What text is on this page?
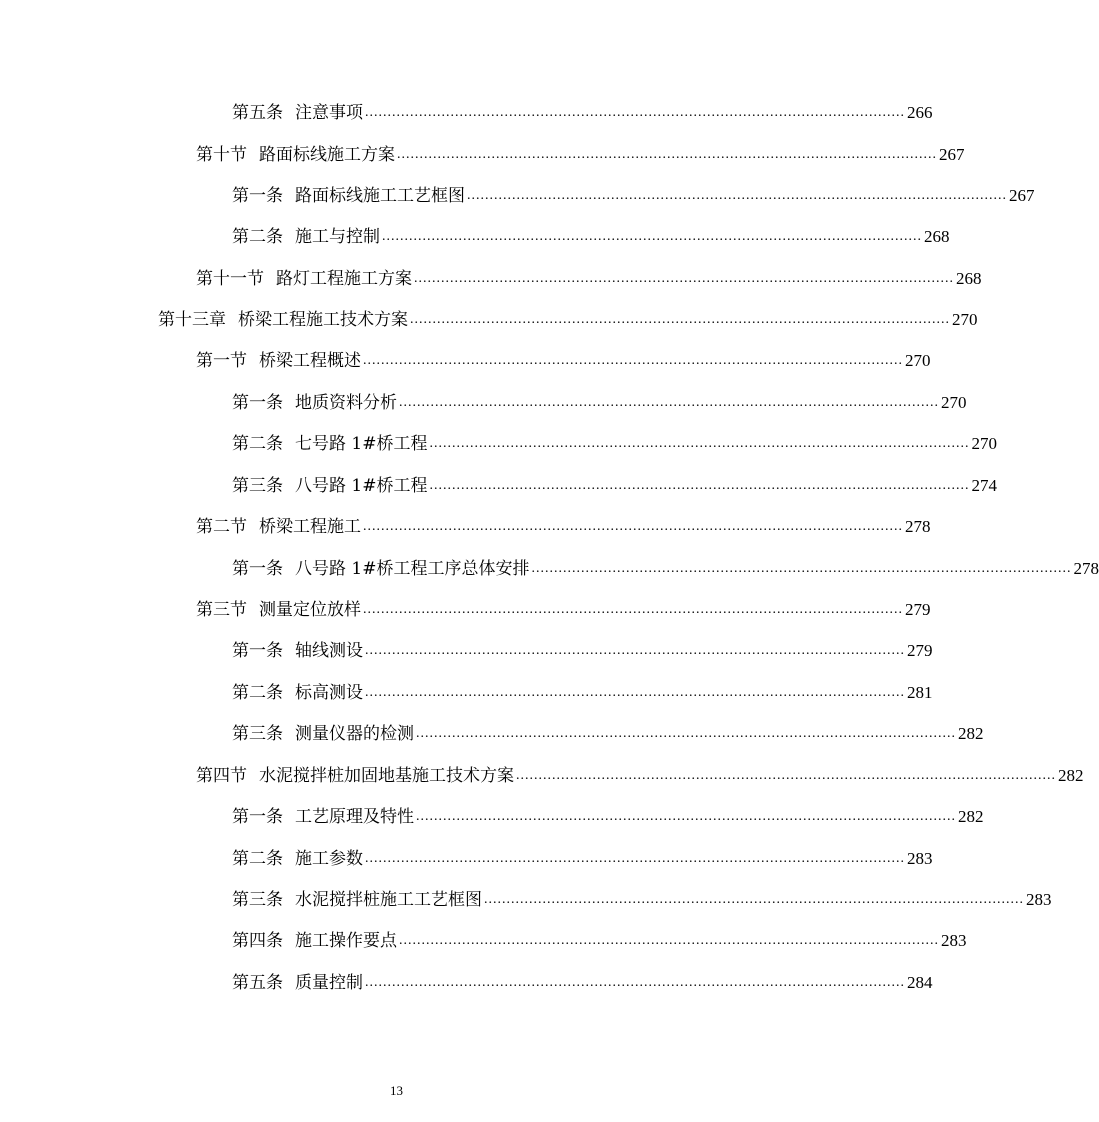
第五条 注意事项 ........................................................................................................................ 266
第十节 路面标线施工方案 ........................................................................................................................ 267
第一条 路面标线施工工艺框图 ........................................................................................................................ 267
第二条 施工与控制 ........................................................................................................................ 268
第十一节 路灯工程施工方案 ........................................................................................................................ 268
第十三章 桥梁工程施工技术方案 ........................................................................................................................ 270
第一节 桥梁工程概述 ........................................................................................................................ 270
第一条 地质资料分析 ........................................................................................................................ 270
第二条 七号路 1#桥工程 ........................................................................................................................ 270
第三条 八号路 1#桥工程 ........................................................................................................................ 274
第二节 桥梁工程施工 ........................................................................................................................ 278
第一条 八号路 1#桥工程工序总体安排 ........................................................................................................................ 278
第三节 测量定位放样 ........................................................................................................................ 279
第一条 轴线测设 ........................................................................................................................ 279
第二条 标高测设 ........................................................................................................................ 281
第三条 测量仪器的检测 ........................................................................................................................ 282
第四节 水泥搅拌桩加固地基施工技术方案 ........................................................................................................................ 282
第一条 工艺原理及特性 ........................................................................................................................ 282
第二条 施工参数 ........................................................................................................................ 283
第三条 水泥搅拌桩施工工艺框图 ........................................................................................................................ 283
第四条 施工操作要点 ........................................................................................................................ 283
第五条 质量控制 ........................................................................................................................ 284
13
